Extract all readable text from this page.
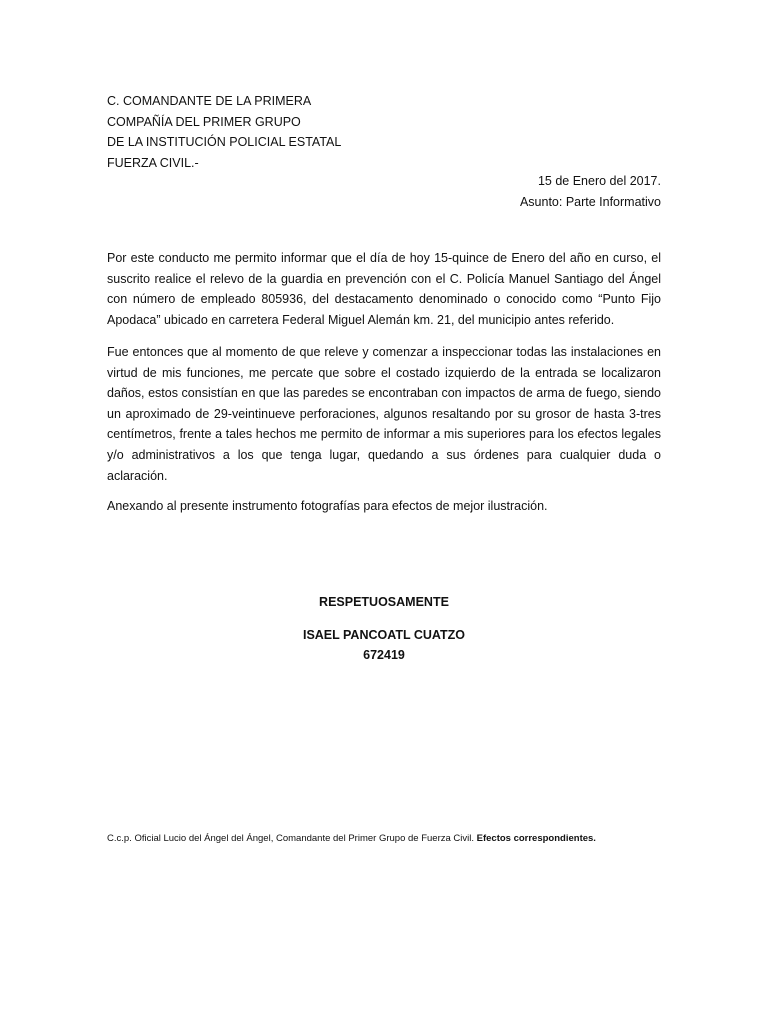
C. COMANDANTE DE LA PRIMERA
COMPAÑÍA DEL PRIMER GRUPO
DE LA INSTITUCIÓN POLICIAL ESTATAL
FUERZA CIVIL.-
15 de Enero del 2017.
Asunto: Parte Informativo

Por este conducto me permito informar que el día de hoy 15-quince de Enero del año en curso, el suscrito realice el relevo de la guardia en prevención con el C. Policía Manuel Santiago del Ángel con número de empleado 805936, del destacamento denominado o conocido como “Punto Fijo Apodaca” ubicado en carretera Federal Miguel Alemán km. 21, del municipio antes referido.

Fue entonces que al momento de que releve y comenzar a inspeccionar todas las instalaciones en virtud de mis funciones, me percate que sobre el costado izquierdo de la entrada se localizaron daños, estos consistían en que las paredes se encontraban con impactos de arma de fuego, siendo un aproximado de 29-veintinueve perforaciones, algunos resaltando por su grosor de hasta 3-tres centímetros, frente a tales hechos me permito de informar a mis superiores para los efectos legales y/o administrativos a los que tenga lugar, quedando a sus órdenes para cualquier duda o aclaración.

Anexando al presente instrumento fotografías para efectos de mejor ilustración.

RESPETUOSAMENTE
ISAEL PANCOATL CUATZO
672419
C.c.p. Oficial Lucio del Ángel del Ángel, Comandante del Primer Grupo de Fuerza Civil. Efectos correspondientes.
